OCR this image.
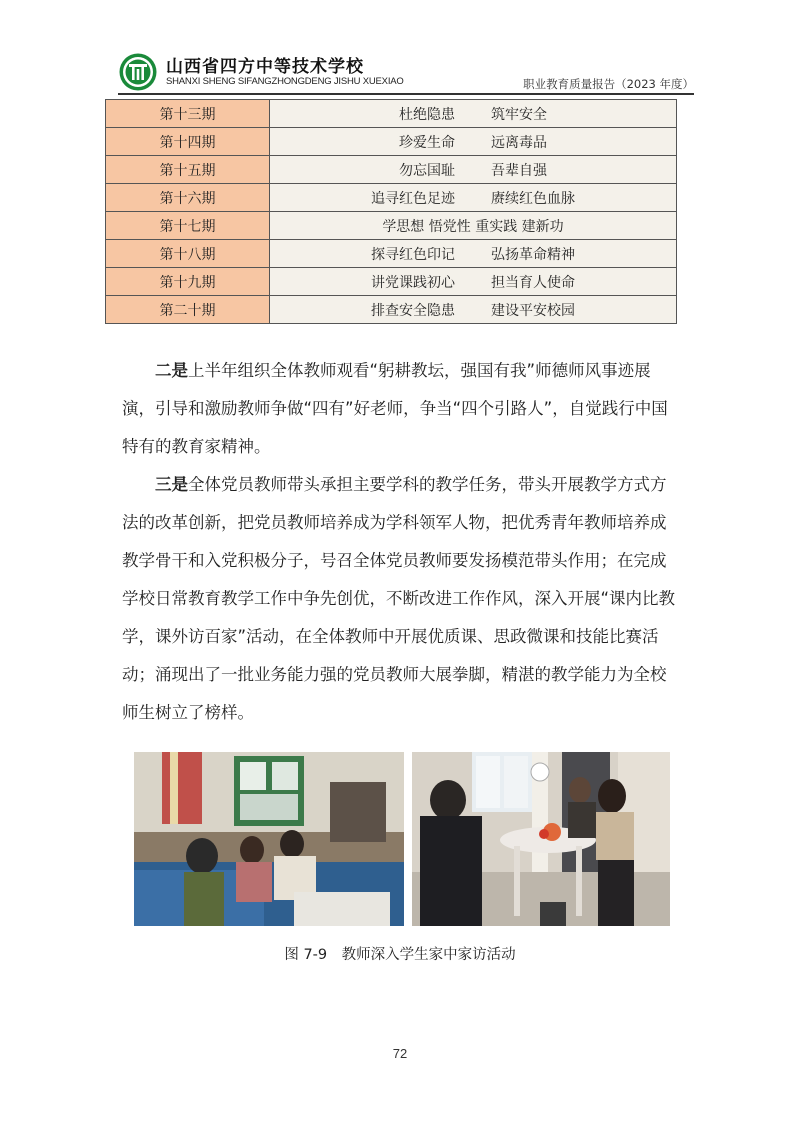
山西省四方中等技术学校
SHANXI SHENG SIFANGZHONGDENG JISHU XUEXIAO	职业教育质量报告（2023 年度）
第十三期	杜绝隐患 筑牢安全
第十四期	珍爱生命 远离毒品
第十五期	勿忘国耻 吾辈自强
第十六期	追寻红色足迹 赓续红色血脉
第十七期	学思想 悟党性 重实践 建新功
第十八期	探寻红色印记 弘扬革命精神
第十九期	讲党课践初心 担当育人使命
第二十期	排查安全隐患 建设平安校园
二是上半年组织全体教师观看“躬耕教坛，强国有我”师德师风事迹展演，引导和激励教师争做“四有”好老师，争当“四个引路人”，自觉践行中国特有的教育家精神。
三是全体党员教师带头承担主要学科的教学任务，带头开展教学方式方法的改革创新，把党员教师培养成为学科领军人物，把优秀青年教师培养成教学骨干和入党积极分子，号召全体党员教师要发扬模范带头作用；在完成学校日常教育教学工作中争先创优，不断改进工作作风，深入开展“课内比教学，课外访百家”活动，在全体教师中开展优质课、思政微课和技能比赛活动；涌现出了一批业务能力强的党员教师大展拳脚，精湛的教学能力为全校师生树立了榜样。
图 7-9　教师深入学生家中家访活动
72
